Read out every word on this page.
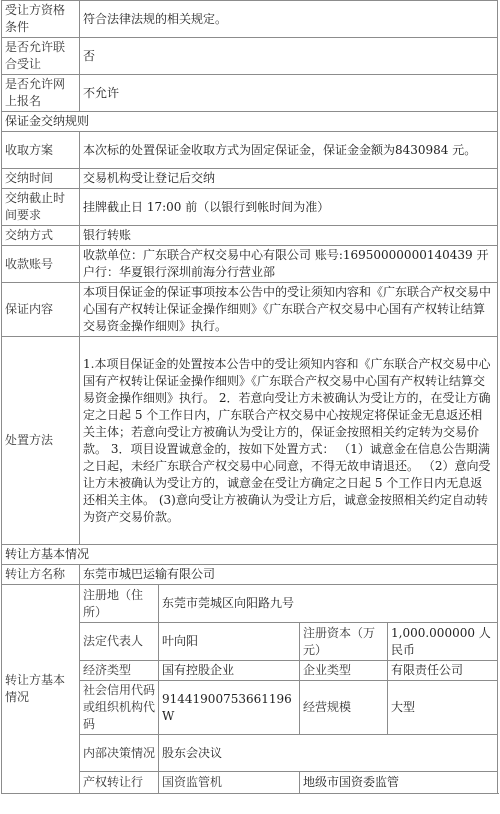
受让方资格条件	符合法律法规的相关规定。			
是否允许联合受让	否			
是否允许网上报名	不允许			
保证金交纳规则				
收取方案	本次标的处置保证金收取方式为固定保证金，保证金金额为8430984 元。			
交纳时间	交易机构受让登记后交纳			
交纳截止时间要求	挂牌截止日 17:00 前（以银行到帐时间为准）			
交纳方式	银行转账			
收款账号	收款单位：广东联合产权交易中心有限公司 账号:16950000000140439 开户行：华夏银行深圳前海分行营业部			
保证内容	本项目保证金的保证事项按本公告中的受让须知内容和《广东联合产权交易中心国有产权转让保证金操作细则》《广东联合产权交易中心国有产权转让结算交易资金操作细则》执行。			
处置方法	1.本项目保证金的处置按本公告中的受让须知内容和《广东联合产权交易中心国有产权转让保证金操作细则》《广东联合产权交易中心国有产权转让结算交易资金操作细则》执行。 2．若意向受让方未被确认为受让方的，在受让方确定之日起 5 个工作日内，广东联合产权交易中心按规定将保证金无息返还相关主体；若意向受让方被确认为受让方的，保证金按照相关约定转为交易价款。 3．项目设置诚意金的，按如下处置方式： （1）诚意金在信息公告期满之日起，未经广东联合产权交易中心同意，不得无故申请退还。 （2）意向受让方未被确认为受让方的，诚意金在受让方确定之日起 5 个工作日内无息返还相关主体。 (3)意向受让方被确认为受让方后，诚意金按照相关约定自动转为资产交易价款。			
转让方基本情况				
转让方名称	东莞市城巴运输有限公司			
转让方基本情况	注册地（住所）	东莞市莞城区向阳路九号		
	法定代表人	叶向阳	注册资本（万元）	1,000.000000 人民币
	经济类型	国有控股企业	企业类型	有限责任公司
	社会信用代码或组织机构代码	91441900753661196W	经营规模	大型
	内部决策情况	股东会决议		
	产权转让行	国资监管机	地级市国资委监管	
